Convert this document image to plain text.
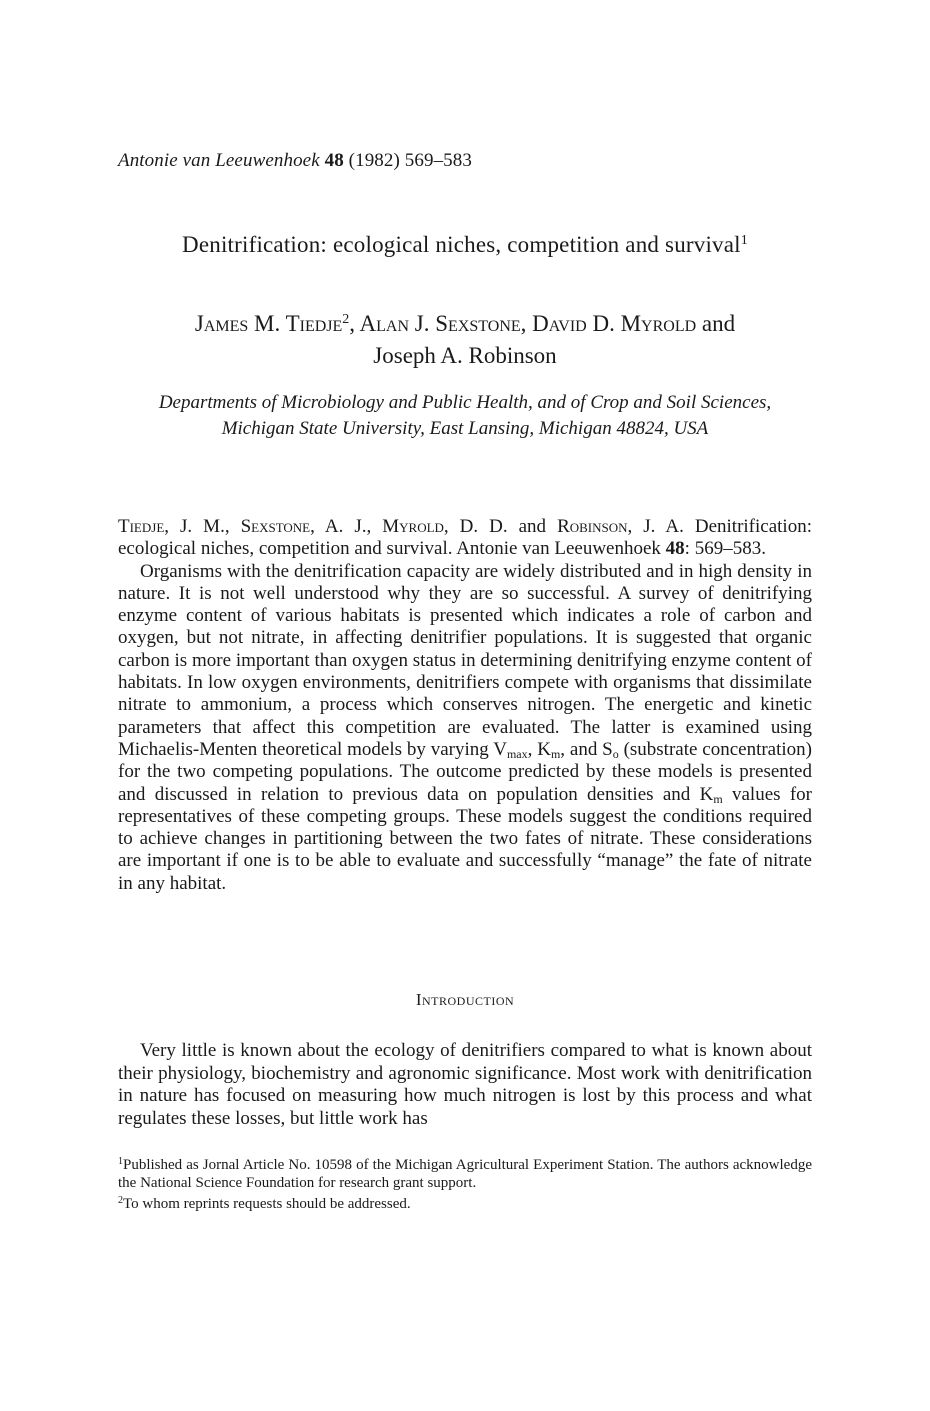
Antonie van Leeuwenhoek 48 (1982) 569–583
Denitrification: ecological niches, competition and survival$^1$
James M. Tiedje$^2$, Alan J. Sexstone, David D. Myrold and
Joseph A. Robinson
Departments of Microbiology and Public Health, and of Crop and Soil Sciences,
Michigan State University, East Lansing, Michigan 48824, USA

Tiedje, J. M., Sexstone, A. J., Myrold, D. D. and Robinson, J. A. Denitrification: ecological niches, competition and survival. Antonie van Leeuwenhoek 48: 569–583.

Organisms with the denitrification capacity are widely distributed and in high density in nature. It is not well understood why they are so successful. A survey of denitrifying enzyme content of various habitats is presented which indicates a role of carbon and oxygen, but not nitrate, in affecting denitrifier populations. It is suggested that organic carbon is more important than oxygen status in determining denitrifying enzyme content of habitats. In low oxygen environments, denitrifiers compete with organisms that dissimilate nitrate to ammonium, a process which conserves nitrogen. The energetic and kinetic parameters that affect this competition are evaluated. The latter is examined using Michaelis-Menten theoretical models by varying $V_{max}$, $K_m$, and $S_o$ (substrate concentration) for the two competing populations. The outcome predicted by these models is presented and discussed in relation to previous data on population densities and $K_m$ values for representatives of these competing groups. These models suggest the conditions required to achieve changes in partitioning between the two fates of nitrate. These considerations are important if one is to be able to evaluate and successfully “manage” the fate of nitrate in any habitat.

Introduction

Very little is known about the ecology of denitrifiers compared to what is known about their physiology, biochemistry and agronomic significance. Most work with denitrification in nature has focused on measuring how much nitrogen is lost by this process and what regulates these losses, but little work has

$^1$Published as Jornal Article No. 10598 of the Michigan Agricultural Experiment Station. The authors acknowledge the National Science Foundation for research grant support.

$^2$To whom reprints requests should be addressed.
